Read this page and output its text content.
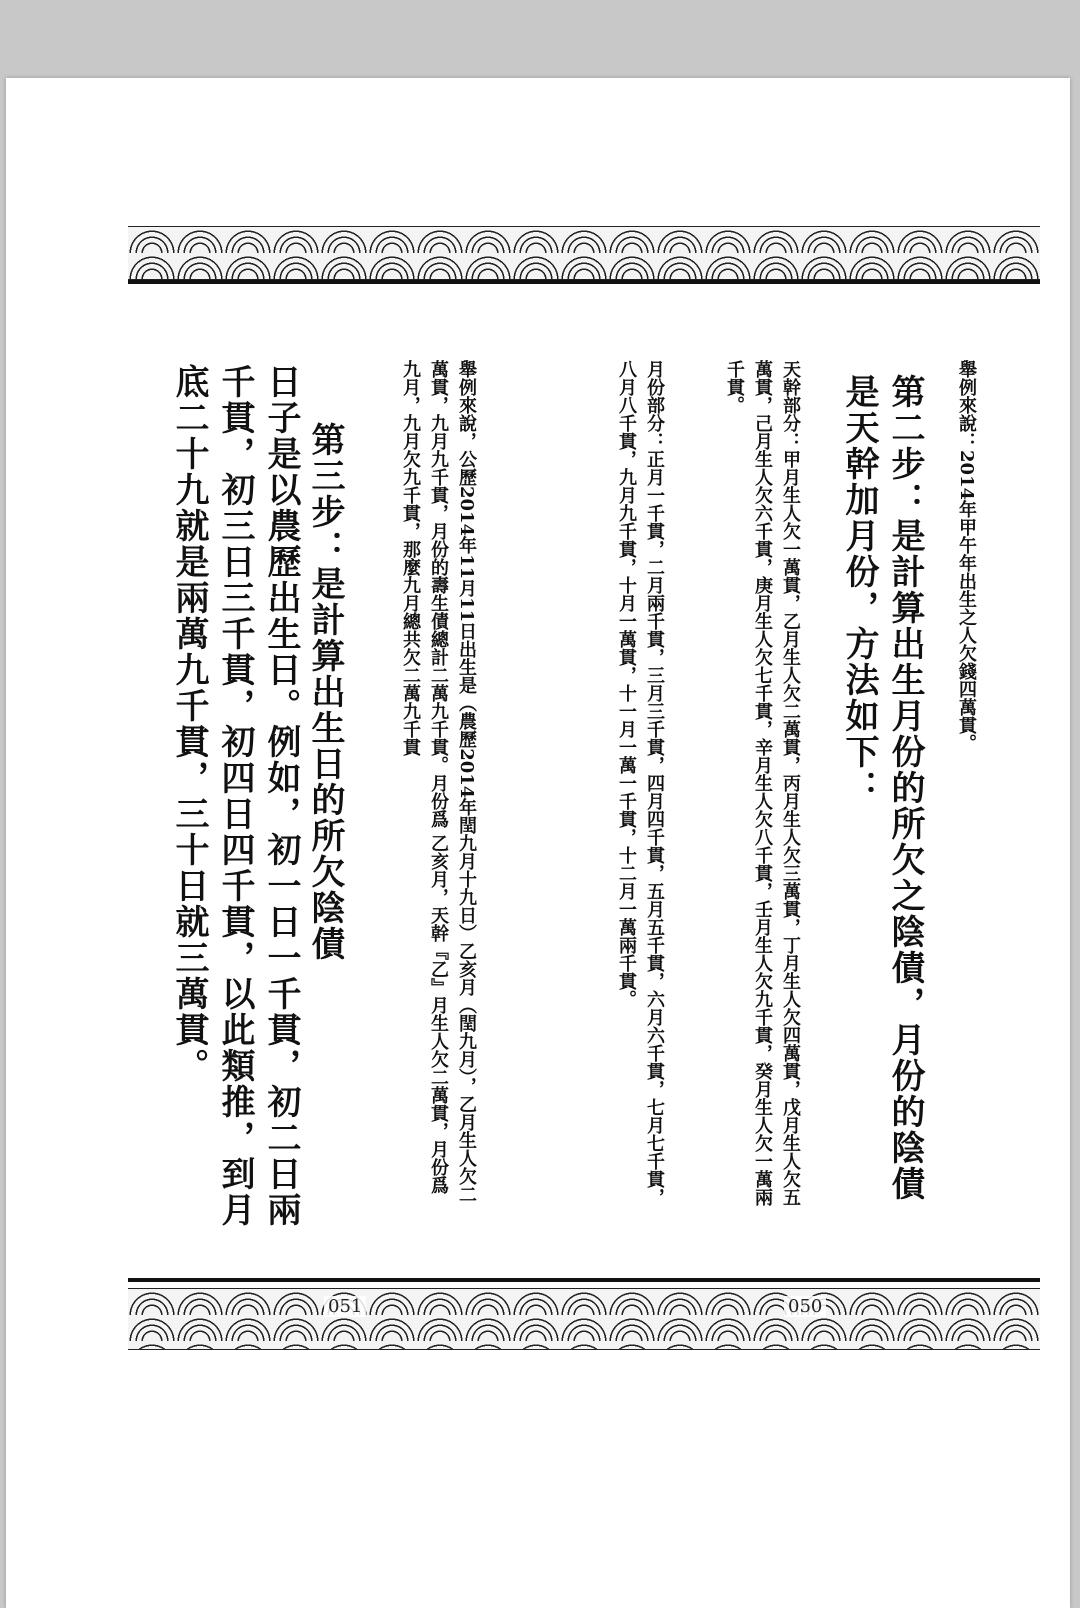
舉例來說：2014年甲午年出生之人欠錢四萬貫。
第二步：是計算出生月份的所欠之陰債，月份的陰債是天幹加月份，方法如下：
天幹部分：甲月生人欠一萬貫，乙月生人欠二萬貫，丙月生人欠三萬貫，丁月生人欠四萬貫，戊月生人欠五萬貫，己月生人欠六千貫，庚月生人欠七千貫，辛月生人欠八千貫，壬月生人欠九千貫，癸月生人欠一萬兩千貫。
月份部分：正月一千貫，二月兩千貫，三月三千貫，四月四千貫，五月五千貫，六月六千貫，七月七千貫，八月八千貫，九月九千貫，十月一萬貫，十一月一萬一千貫，十二月一萬兩千貫。
舉例來說，公歷2014年11月11日出生是（農歷2014年閏九月十九日）乙亥月（閏九月），乙月生人欠二萬貫，九月九千貫，月份的壽生債總計二萬九千貫。月份爲 乙亥月，天幹『乙』月生人欠二萬貫，月份爲九月，九月欠九千貫，那麼九月總共欠二萬九千貫
第三步：是計算出生日的所欠陰債
日子是以農歷出生日。例如，初一日一千貫，初二日兩千貫，初三日三千貫，初四日四千貫，以此類推，到月底二十九就是兩萬九千貫，三十日就三萬貫。
051	050
